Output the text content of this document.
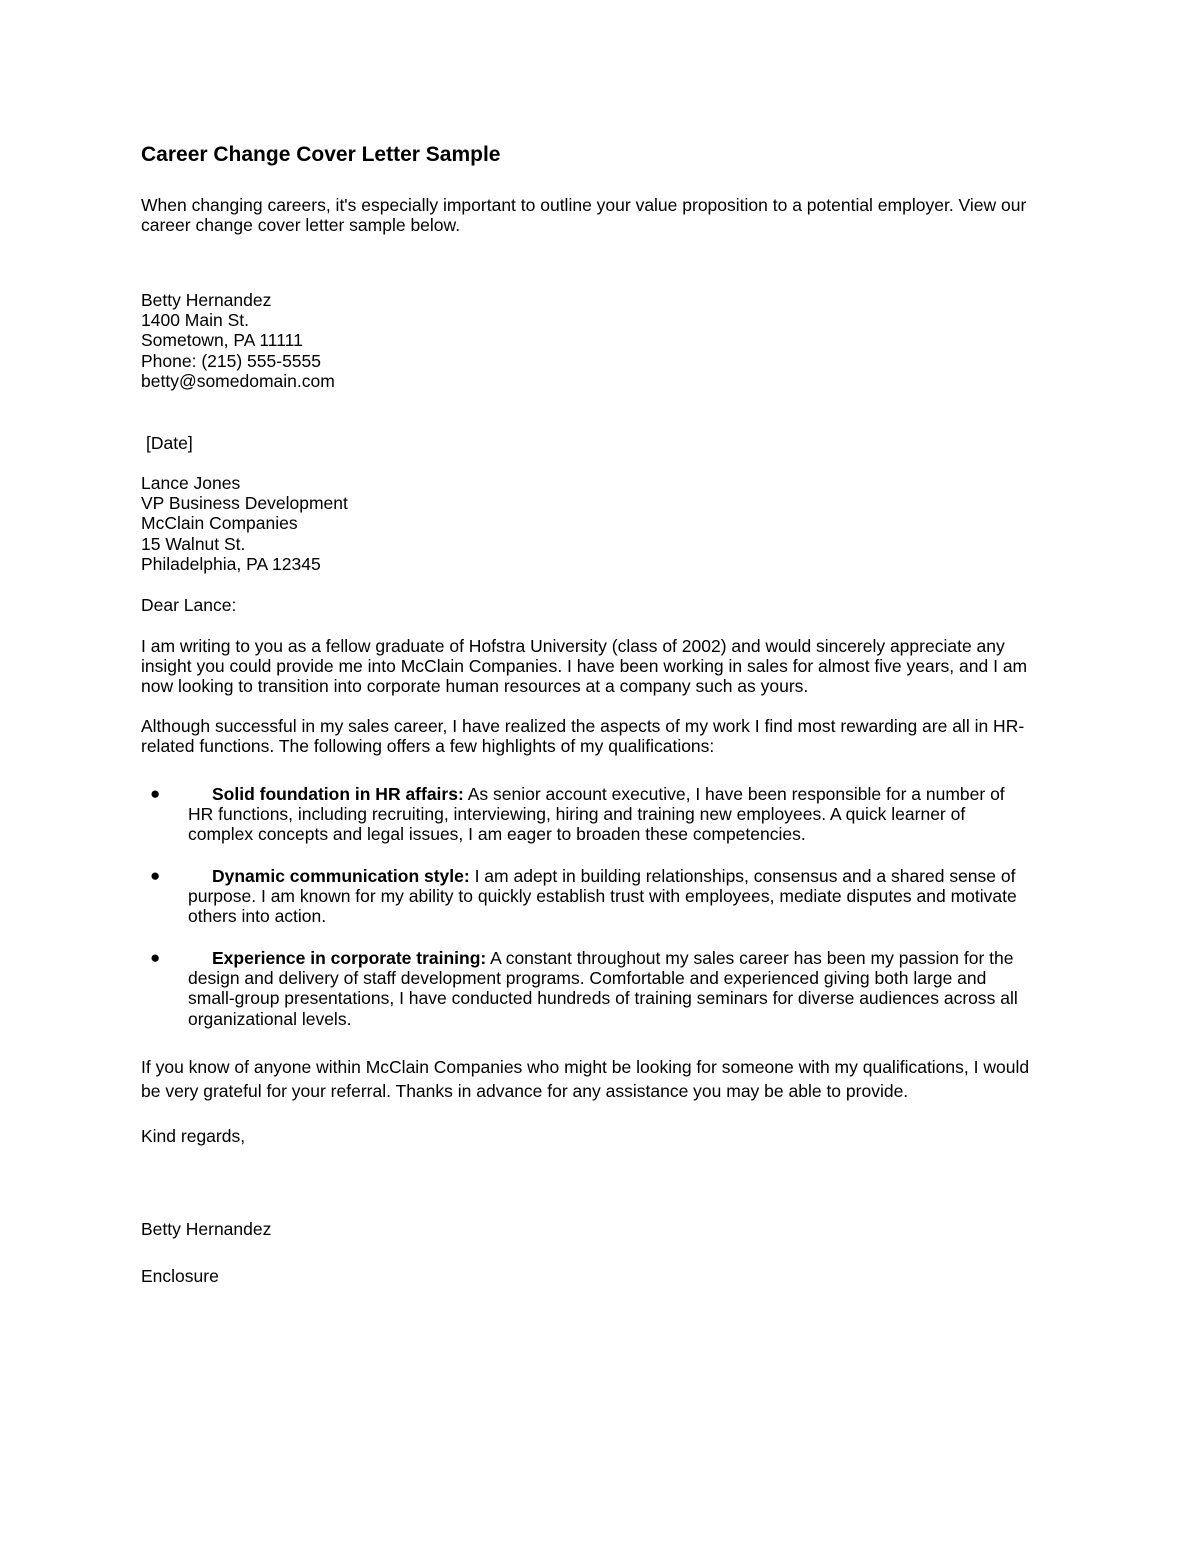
Career Change Cover Letter Sample
When changing careers, it's especially important to outline your value proposition to a potential employer. View our
career change cover letter sample below.
Betty Hernandez
1400 Main St.
Sometown, PA 11111
Phone: (215) 555-5555
betty@somedomain.com
[Date]
Lance Jones
VP Business Development
McClain Companies
15 Walnut St.
Philadelphia, PA 12345
Dear Lance:
I am writing to you as a fellow graduate of Hofstra University (class of 2002) and would sincerely appreciate any
insight you could provide me into McClain Companies. I have been working in sales for almost five years, and I am
now looking to transition into corporate human resources at a company such as yours.
Although successful in my sales career, I have realized the aspects of my work I find most rewarding are all in HR-
related functions. The following offers a few highlights of my qualifications:
●	Solid foundation in HR affairs: As senior account executive, I have been responsible for a number of
HR functions, including recruiting, interviewing, hiring and training new employees. A quick learner of
complex concepts and legal issues, I am eager to broaden these competencies.
●	Dynamic communication style: I am adept in building relationships, consensus and a shared sense of
purpose. I am known for my ability to quickly establish trust with employees, mediate disputes and motivate
others into action.
●	Experience in corporate training: A constant throughout my sales career has been my passion for the
design and delivery of staff development programs. Comfortable and experienced giving both large and
small-group presentations, I have conducted hundreds of training seminars for diverse audiences across all
organizational levels.
If you know of anyone within McClain Companies who might be looking for someone with my qualifications, I would
be very grateful for your referral. Thanks in advance for any assistance you may be able to provide.
Kind regards,
Betty Hernandez
Enclosure
